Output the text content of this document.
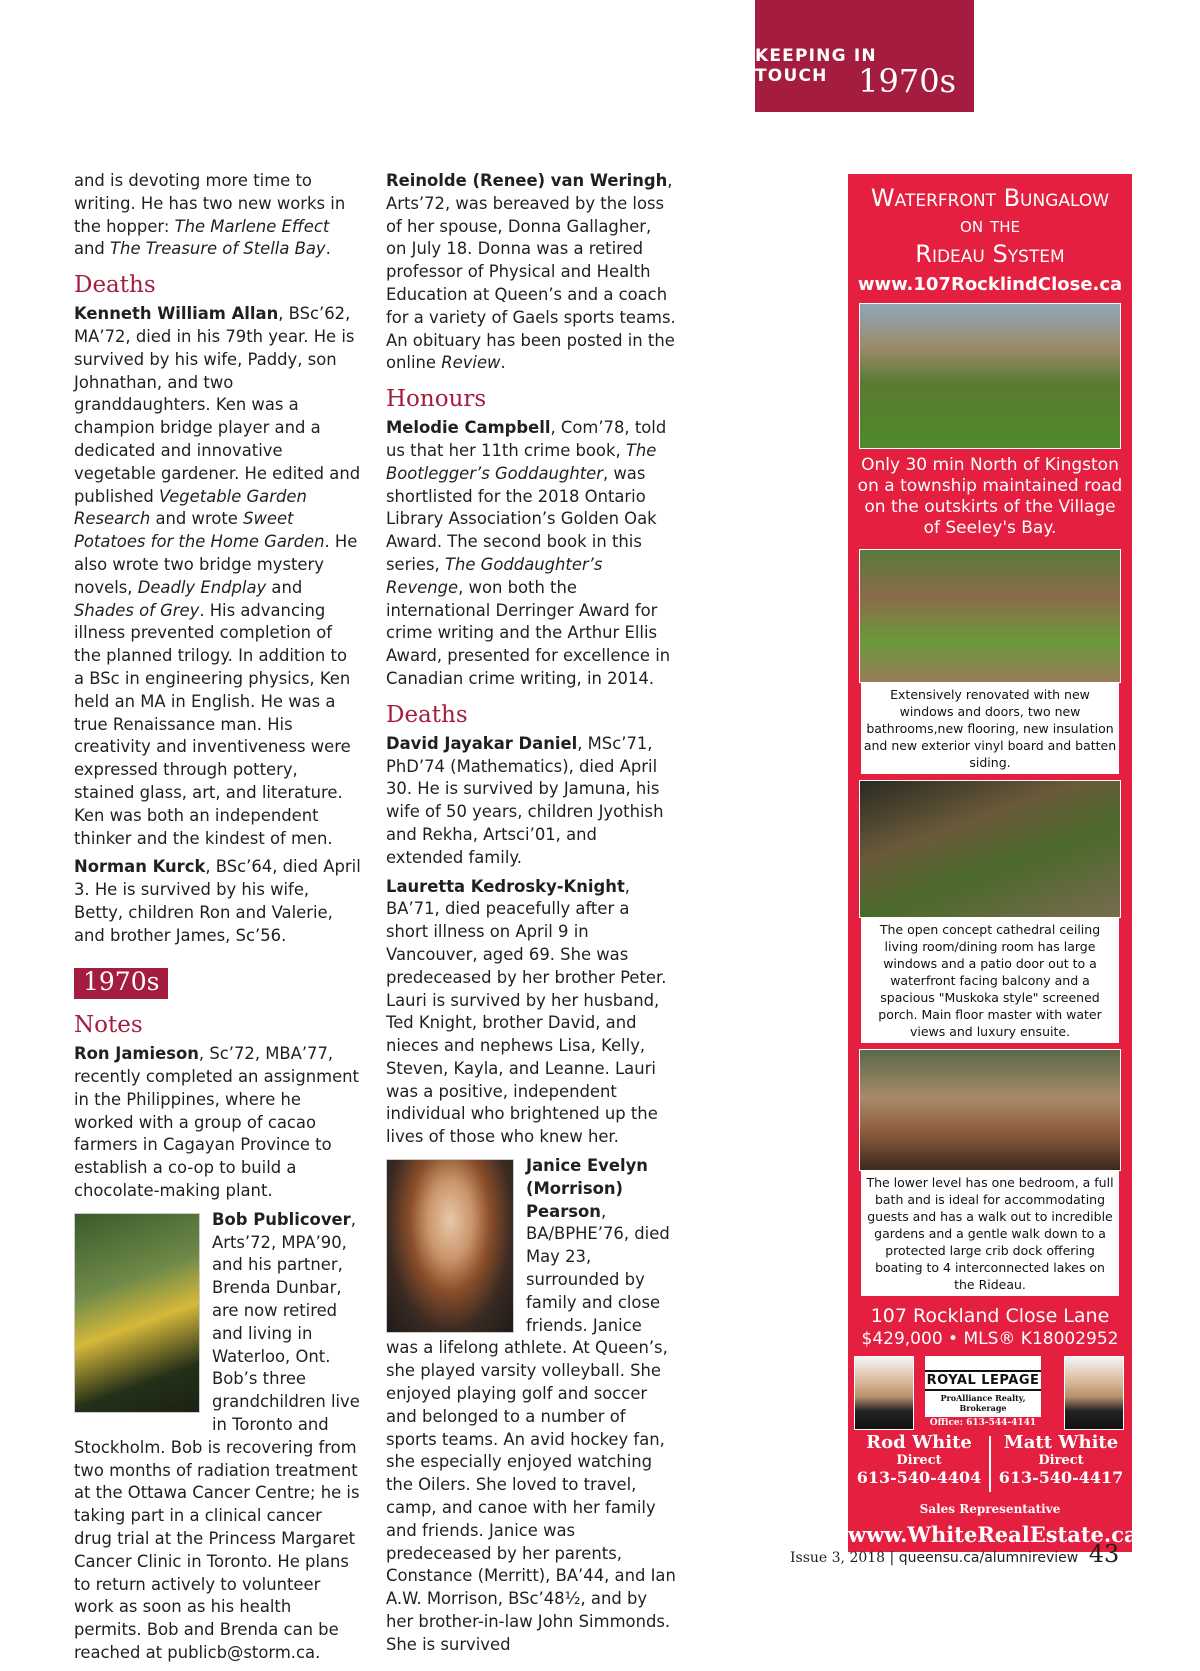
KEEPING IN TOUCH 1970s

and is devoting more time to writing. He has two new works in the hopper: The Marlene Effect and The Treasure of Stella Bay.

Deaths

Kenneth William Allan, BSc’62, MA’72, died in his 79th year. He is survived by his wife, Paddy, son Johnathan, and two granddaughters. Ken was a champion bridge player and a dedicated and innovative vegetable gardener. He edited and published Vegetable Garden Research and wrote Sweet Potatoes for the Home Garden. He also wrote two bridge mystery novels, Deadly Endplay and Shades of Grey. His advancing illness prevented completion of the planned trilogy. In addition to a BSc in engineering physics, Ken held an MA in English. He was a true Renaissance man. His creativity and inventiveness were expressed through pottery, stained glass, art, and literature. Ken was both an independent thinker and the kindest of men.

Norman Kurck, BSc’64, died April 3. He is survived by his wife, Betty, children Ron and Valerie, and brother James, Sc’56.

1970s
Notes

Ron Jamieson, Sc’72, MBA’77, recently completed an assignment in the Philippines, where he worked with a group of cacao farmers in Cagayan Province to establish a co-op to build a chocolate-making plant.

Bob Publicover, Arts’72, MPA’90, and his partner, Brenda Dunbar, are now retired and living in Waterloo, Ont. Bob’s three grandchildren live in Toronto and Stockholm. Bob is recovering from two months of radiation treatment at the Ottawa Cancer Centre; he is taking part in a clinical cancer drug trial at the Princess Margaret Cancer Clinic in Toronto. He plans to return actively to volunteer work as soon as his health permits. Bob and Brenda can be reached at publicb@storm.ca.

Reinolde (Renee) van Weringh, Arts’72, was bereaved by the loss of her spouse, Donna Gallagher, on July 18. Donna was a retired professor of Physical and Health Education at Queen’s and a coach for a variety of Gaels sports teams. An obituary has been posted in the online Review.

Honours

Melodie Campbell, Com’78, told us that her 11th crime book, The Bootlegger’s Goddaughter, was shortlisted for the 2018 Ontario Library Association’s Golden Oak Award. The second book in this series, The Goddaughter’s Revenge, won both the international Derringer Award for crime writing and the Arthur Ellis Award, presented for excellence in Canadian crime writing, in 2014.

Deaths

David Jayakar Daniel, MSc’71, PhD’74 (Mathematics), died April 30. He is survived by Jamuna, his wife of 50 years, children Jyothish and Rekha, Artsci’01, and extended family.

Lauretta Kedrosky-Knight, BA’71, died peacefully after a short illness on April 9 in Vancouver, aged 69. She was predeceased by her brother Peter. Lauri is survived by her husband, Ted Knight, brother David, and nieces and nephews Lisa, Kelly, Steven, Kayla, and Leanne. Lauri was a positive, independent individual who brightened up the lives of those who knew her.

Janice Evelyn (Morrison) Pearson, BA/BPHE’76, died May 23, surrounded by family and close friends. Janice was a lifelong athlete. At Queen’s, she played varsity volleyball. She enjoyed playing golf and soccer and belonged to a number of sports teams. An avid hockey fan, she especially enjoyed watching the Oilers. She loved to travel, camp, and canoe with her family and friends. Janice was predeceased by her parents, Constance (Merritt), BA’44, and Ian A.W. Morrison, BSc’48½, and by her brother-in-law John Simmonds. She is survived

Waterfront Bungalow
on the
Rideau System
www.107RocklindClose.ca
Only 30 min North of Kingston on a township maintained road on the outskirts of the Village of Seeley's Bay.
Extensively renovated with new windows and doors, two new bathrooms,new flooring, new insulation and new exterior vinyl board and batten siding.
The open concept cathedral ceiling living room/dining room has large windows and a patio door out to a waterfront facing balcony and a spacious "Muskoka style" screened porch. Main floor master with water views and luxury ensuite.
The lower level has one bedroom, a full bath and is ideal for accommodating guests and has a walk out to incredible gardens and a gentle walk down to a protected large crib dock offering boating to 4 interconnected lakes on the Rideau.
107 Rockland Close Lane
$429,000 • MLS® K18002952
ROYAL LEPAGE
ProAlliance Realty, Brokerage
Office: 613-544-4141
Rod White
Direct
613-540-4404
Matt White
Direct
613-540-4417
Sales Representative
www.WhiteRealEstate.ca
Issue 3, 2018 | queensu.ca/alumnireview 43
